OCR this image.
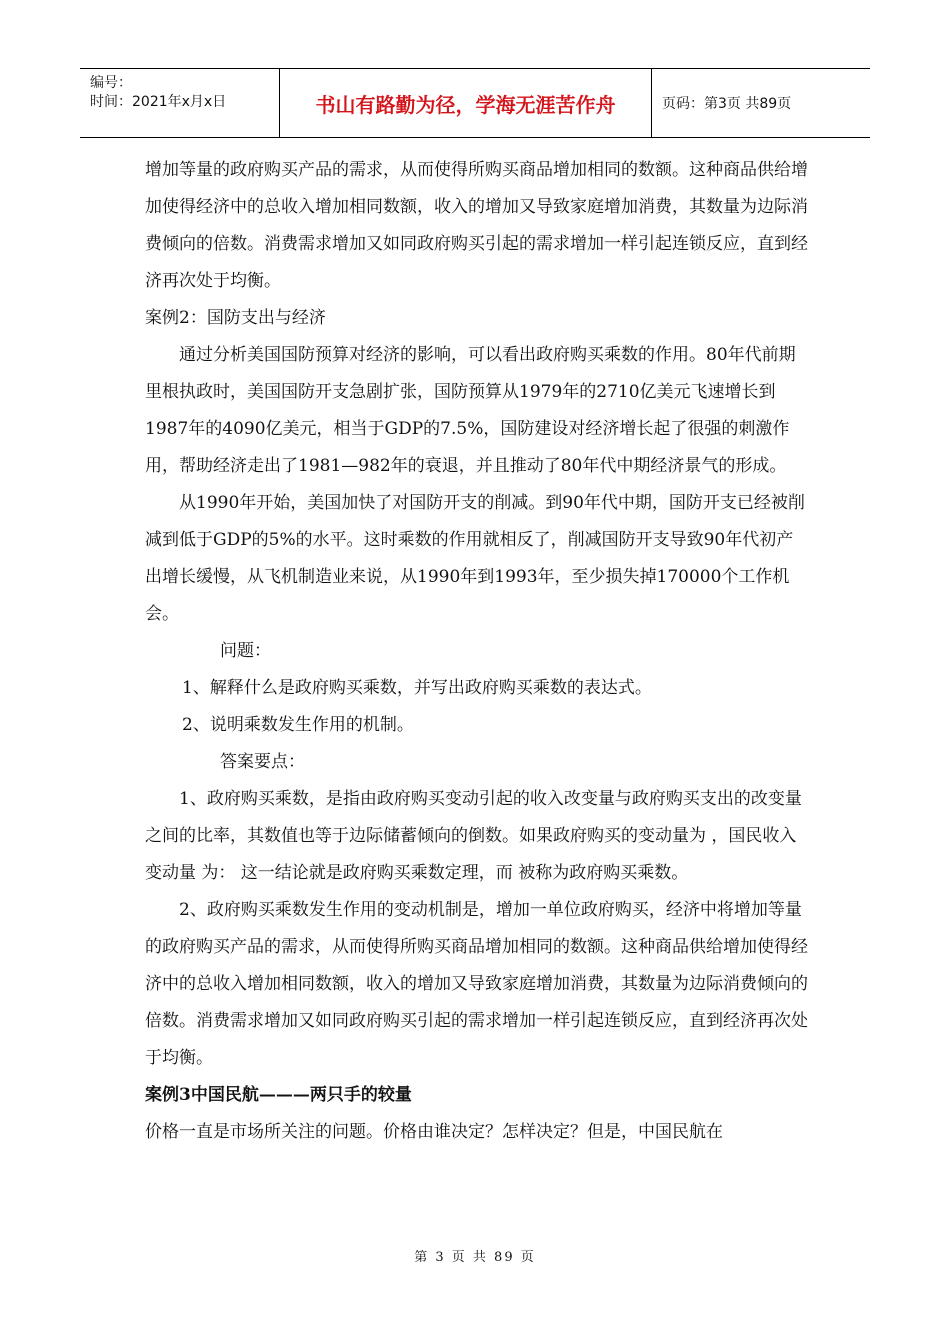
编号：
时间：2021年x月x日	书山有路勤为径，学海无涯苦作舟	页码：第3页 共89页

增加等量的政府购买产品的需求，从而使得所购买商品增加相同的数额。这种商品供给增加使得经济中的总收入增加相同数额，收入的增加又导致家庭增加消费，其数量为边际消费倾向的倍数。消费需求增加又如同政府购买引起的需求增加一样引起连锁反应，直到经济再次处于均衡。

案例2：国防支出与经济

通过分析美国国防预算对经济的影响，可以看出政府购买乘数的作用。80年代前期里根执政时，美国国防开支急剧扩张，国防预算从1979年的2710亿美元飞速增长到1987年的4090亿美元，相当于GDP的7.5%，国防建设对经济增长起了很强的刺激作用，帮助经济走出了1981—982年的衰退，并且推动了80年代中期经济景气的形成。

从1990年开始，美国加快了对国防开支的削减。到90年代中期，国防开支已经被削减到低于GDP的5%的水平。这时乘数的作用就相反了，削减国防开支导致90年代初产出增长缓慢，从飞机制造业来说，从1990年到1993年，至少损失掉170000个工作机会。

问题：

1、解释什么是政府购买乘数，并写出政府购买乘数的表达式。

2、说明乘数发生作用的机制。

答案要点：

1、政府购买乘数，是指由政府购买变动引起的收入改变量与政府购买支出的改变量之间的比率，其数值也等于边际储蓄倾向的倒数。如果政府购买的变动量为 ，国民收入变动量 为： 这一结论就是政府购买乘数定理，而 被称为政府购买乘数。

2、政府购买乘数发生作用的变动机制是，增加一单位政府购买，经济中将增加等量的政府购买产品的需求，从而使得所购买商品增加相同的数额。这种商品供给增加使得经济中的总收入增加相同数额，收入的增加又导致家庭增加消费，其数量为边际消费倾向的倍数。消费需求增加又如同政府购买引起的需求增加一样引起连锁反应，直到经济再次处于均衡。

案例3中国民航———两只手的较量

价格一直是市场所关注的问题。价格由谁决定？怎样决定？但是，中国民航在

第 3 页 共 89 页
